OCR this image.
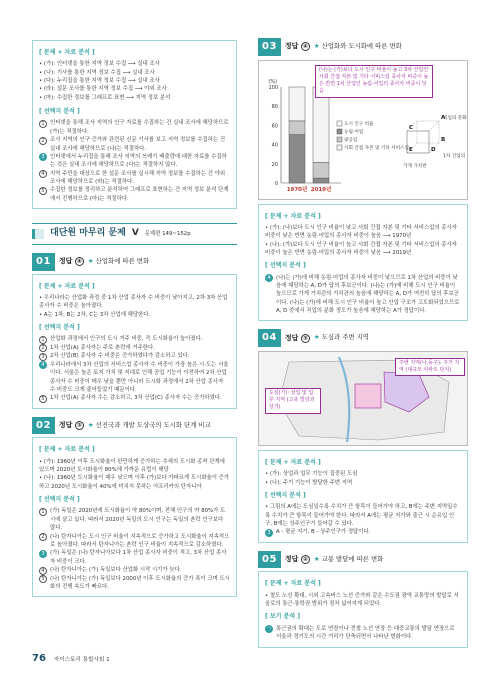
[ 문제 + 자료 분석 ]
• (가): 인터넷을 통한 지역 정보 수집 ⟶ 실내 조사
• (나): 기사를 통한 지역 정보 수집 ⟶ 실내 조사
• (다): 누리집을 통한 지역 정보 수집 ⟶ 실내 조사
• (라): 설문 조사를 통한 지역 정보 수집 ⟶ 야외 조사
• (마): 수집한 정보를 그래프로 표현 ⟶ 지역 정보 분석
[ 선택지 분석 ]
1	인터넷을 통해 조사 지역의 인구 자료를 수집하는 건 실내 조사에 해당하므로 (가)는 적절하다.
2	조사 지역의 인구 증가와 관련된 신문 기사를 보고 지역 정보를 수집하는 건 실내 조사에 해당하므로 (나)는 적절하다.
3	인터넷에서 누리집을 통해 조사 지역의 쓰레기 배출량에 대한 자료를 수집하는 것은 실내 조사에 해당하므로 (다)는 적절하지 않다.
4	지역 주민을 대상으로 한 설문 조사를 실시해 지역 정보를 수집하는 건 야외 조사에 해당하므로 (라)는 적절하다.
5	수집한 정보를 정리하고 분석하여 그래프로 표현하는 건 지역 정보 분석 단계에서 진행하므로 (마)는 적절하다.
대단원 마무리 문제 V 문제편 149~152p
01	정답 ④ ★ 산업화에 따른 변화
[ 문제 + 자료 분석 ]
• 우리나라는 산업화 과정 중 1차 산업 종사자 수 비중이 낮아지고, 2차·3차 산업 종사자 수 비중은 높아졌다.
• A는 1차, B는 2차, C는 3차 산업에 해당한다.
[ 선택지 분석 ]
1	산업화 과정에서 인구의 도시 거주 비중, 즉 도시화율이 높아졌다.
2	1차 산업(A) 종사자는 주로 촌락에 거주한다.
3	2차 산업(B) 종사자 수 비중은 증가하였다가 감소하고 있다.
4	우리나라에서 3차 산업의 서비스업 종사자 수 비중이 가장 높은 시·도는 서울이다. 서울은 높은 토지 가치 및 지대로 인해 공업 기능이 이전하여 2차 산업 종사자 수 비중이 매우 낮을 뿐만 아니라 도시화 과정에서 2차 산업 종사자 수 비중도 크게 줄어들었기 때문이다.
5	1차 산업(A) 종사자 수는 감소하고, 3차 산업(C) 종사자 수는 증가하였다.
02	정답 ③ ★ 선진국과 개발 도상국의 도시화 단계 비교
[ 문제 + 자료 분석 ]
• (가): 1960년 이후 도시화율이 완만하게 증가하는 추세의 도시화 종착 단계에 있으며 2020년 도시화율이 80%에 가까운 유럽이 해당
• (나): 1960년 도시화율이 매우 낮으며 이후 (가)보다 가파르게 도시화율이 증가하고 2020년 도시화율이 40%에 미치지 못하는 아프리카의 탄자니아
[ 선택지 분석 ]
1	(가) 독일은 2020년에 도시화율이 약 80%이며, 전체 인구의 약 80%가 도시에 살고 있다. 따라서 2020년 독일의 도시 인구는 독일의 촌락 인구보다 많다.
2	(나) 탄자니아는 도시 인구 비율이 지속적으로 증가하고 도시화율이 지속적으로 높아졌다. 따라서 탄자니아는 촌락 인구 비율이 지속적으로 감소하였다.
3	(가) 독일은 (나) 탄자니아보다 1차 산업 종사자 비중이 적고, 3차 산업 종사자 비중이 크다.
4	(나) 탄자니아는 (가) 독일보다 산업화 시작 시기가 늦다.
5	(나) 탄자니아는 (가) 독일보다 2000년 이후 도시화율의 증가 폭이 크며 도시화의 진행 속도가 빠르다.
03	정답 ④ ★ 산업화와 도시화에 따른 변화
100
80
60
40
20
0
(%)
1970년 2019년
도시 인구 비율
농림·어업
광공업
사회 간접 자본 및 기타 서비스업
A
B
C
D
E
직업의 분화
1차 산업의
가게 가치관
(나)는 (가)보다 도시 인구 비율이 높고 3차 산업인 사회 간접 자본 및 기타 서비스업 종사자 비중이 높은 반면 1차 산업인 농림·어업의 종사자 비중이 낮음
[ 문제 + 자료 분석 ]
• (가): (나)보다 도시 인구 비율이 낮고 사회 간접 자본 및 기타 서비스업의 종사자 비중이 낮은 반면 농림·어업의 종사자 비중이 높음 ⟶ 1970년
• (나): (가)보다 도시 인구 비율이 높고 사회 간접 자본 및 기타 서비스업의 종사자 비중이 높은 반면 농림·어업의 종사자 비중이 낮음 ⟶ 2019년
[ 선택지 분석 ]
4	(나)는 (가)에 비해 농림·어업의 종사자 비중이 낮으므로 1차 산업의 비중이 낮음에 해당하는 A, D가 답의 후보군이다. (나)는 (가)에 비해 도시 인구 비율이 높으므로 가게 가치관의 가치관의 높음에 해당하는 A, D가 여전히 답의 후보군이다. (나)는 (가)에 비해 도시 인구 비율이 높고 산업 구조가 고도화되었으므로 A, D 중에서 직업의 분화 정도가 높음에 해당하는 A가 정답이다.
04	정답 ③ ★ 도심과 주변 지역
도심(가): 상업 및 업무 지역 (고층 빌딩과 상가)
주변 지역(나,동구): 주거 지역 (대규모 아파트 단지)
[ 문제 + 자료 분석 ]
• (가): 상업과 업무 기능이 집중된 도심
• (나): 주거 기능이 발달한 주변 지역
[ 선택지 분석 ]
• 그림의 A에는 도심일수록 수치가 큰 항목이 들어가야 하고, B에는 주변 지역일수록 수치가 큰 항목이 들어가야 한다. 따라서 A에는 평균 지가와 출근 시 순유입 인구, B에는 상주인구가 들어갈 수 있다.
3	A - 평균 지가, B - 상주인구가 정답이다.
05	정답 ② ★ 교통 발달에 따른 변화
[ 문제 + 자료 분석 ]
• 철도 노선 확대, 시외 고속버스 노선 증가와 같은 수도권 광역 교통망의 발달로 서울로의 통근·통학권 범위가 점차 넓어지게 되었다.
[ 보기 분석 ]
ㄱ 통근권의 확대는 도로 연장이나 전철 노선 연장 등 대중교통의 발달 연장으로 서울과 경기도의 시간 거리가 단축되면서 나타난 변화이다.
76 자이스토리 통합사회 1
